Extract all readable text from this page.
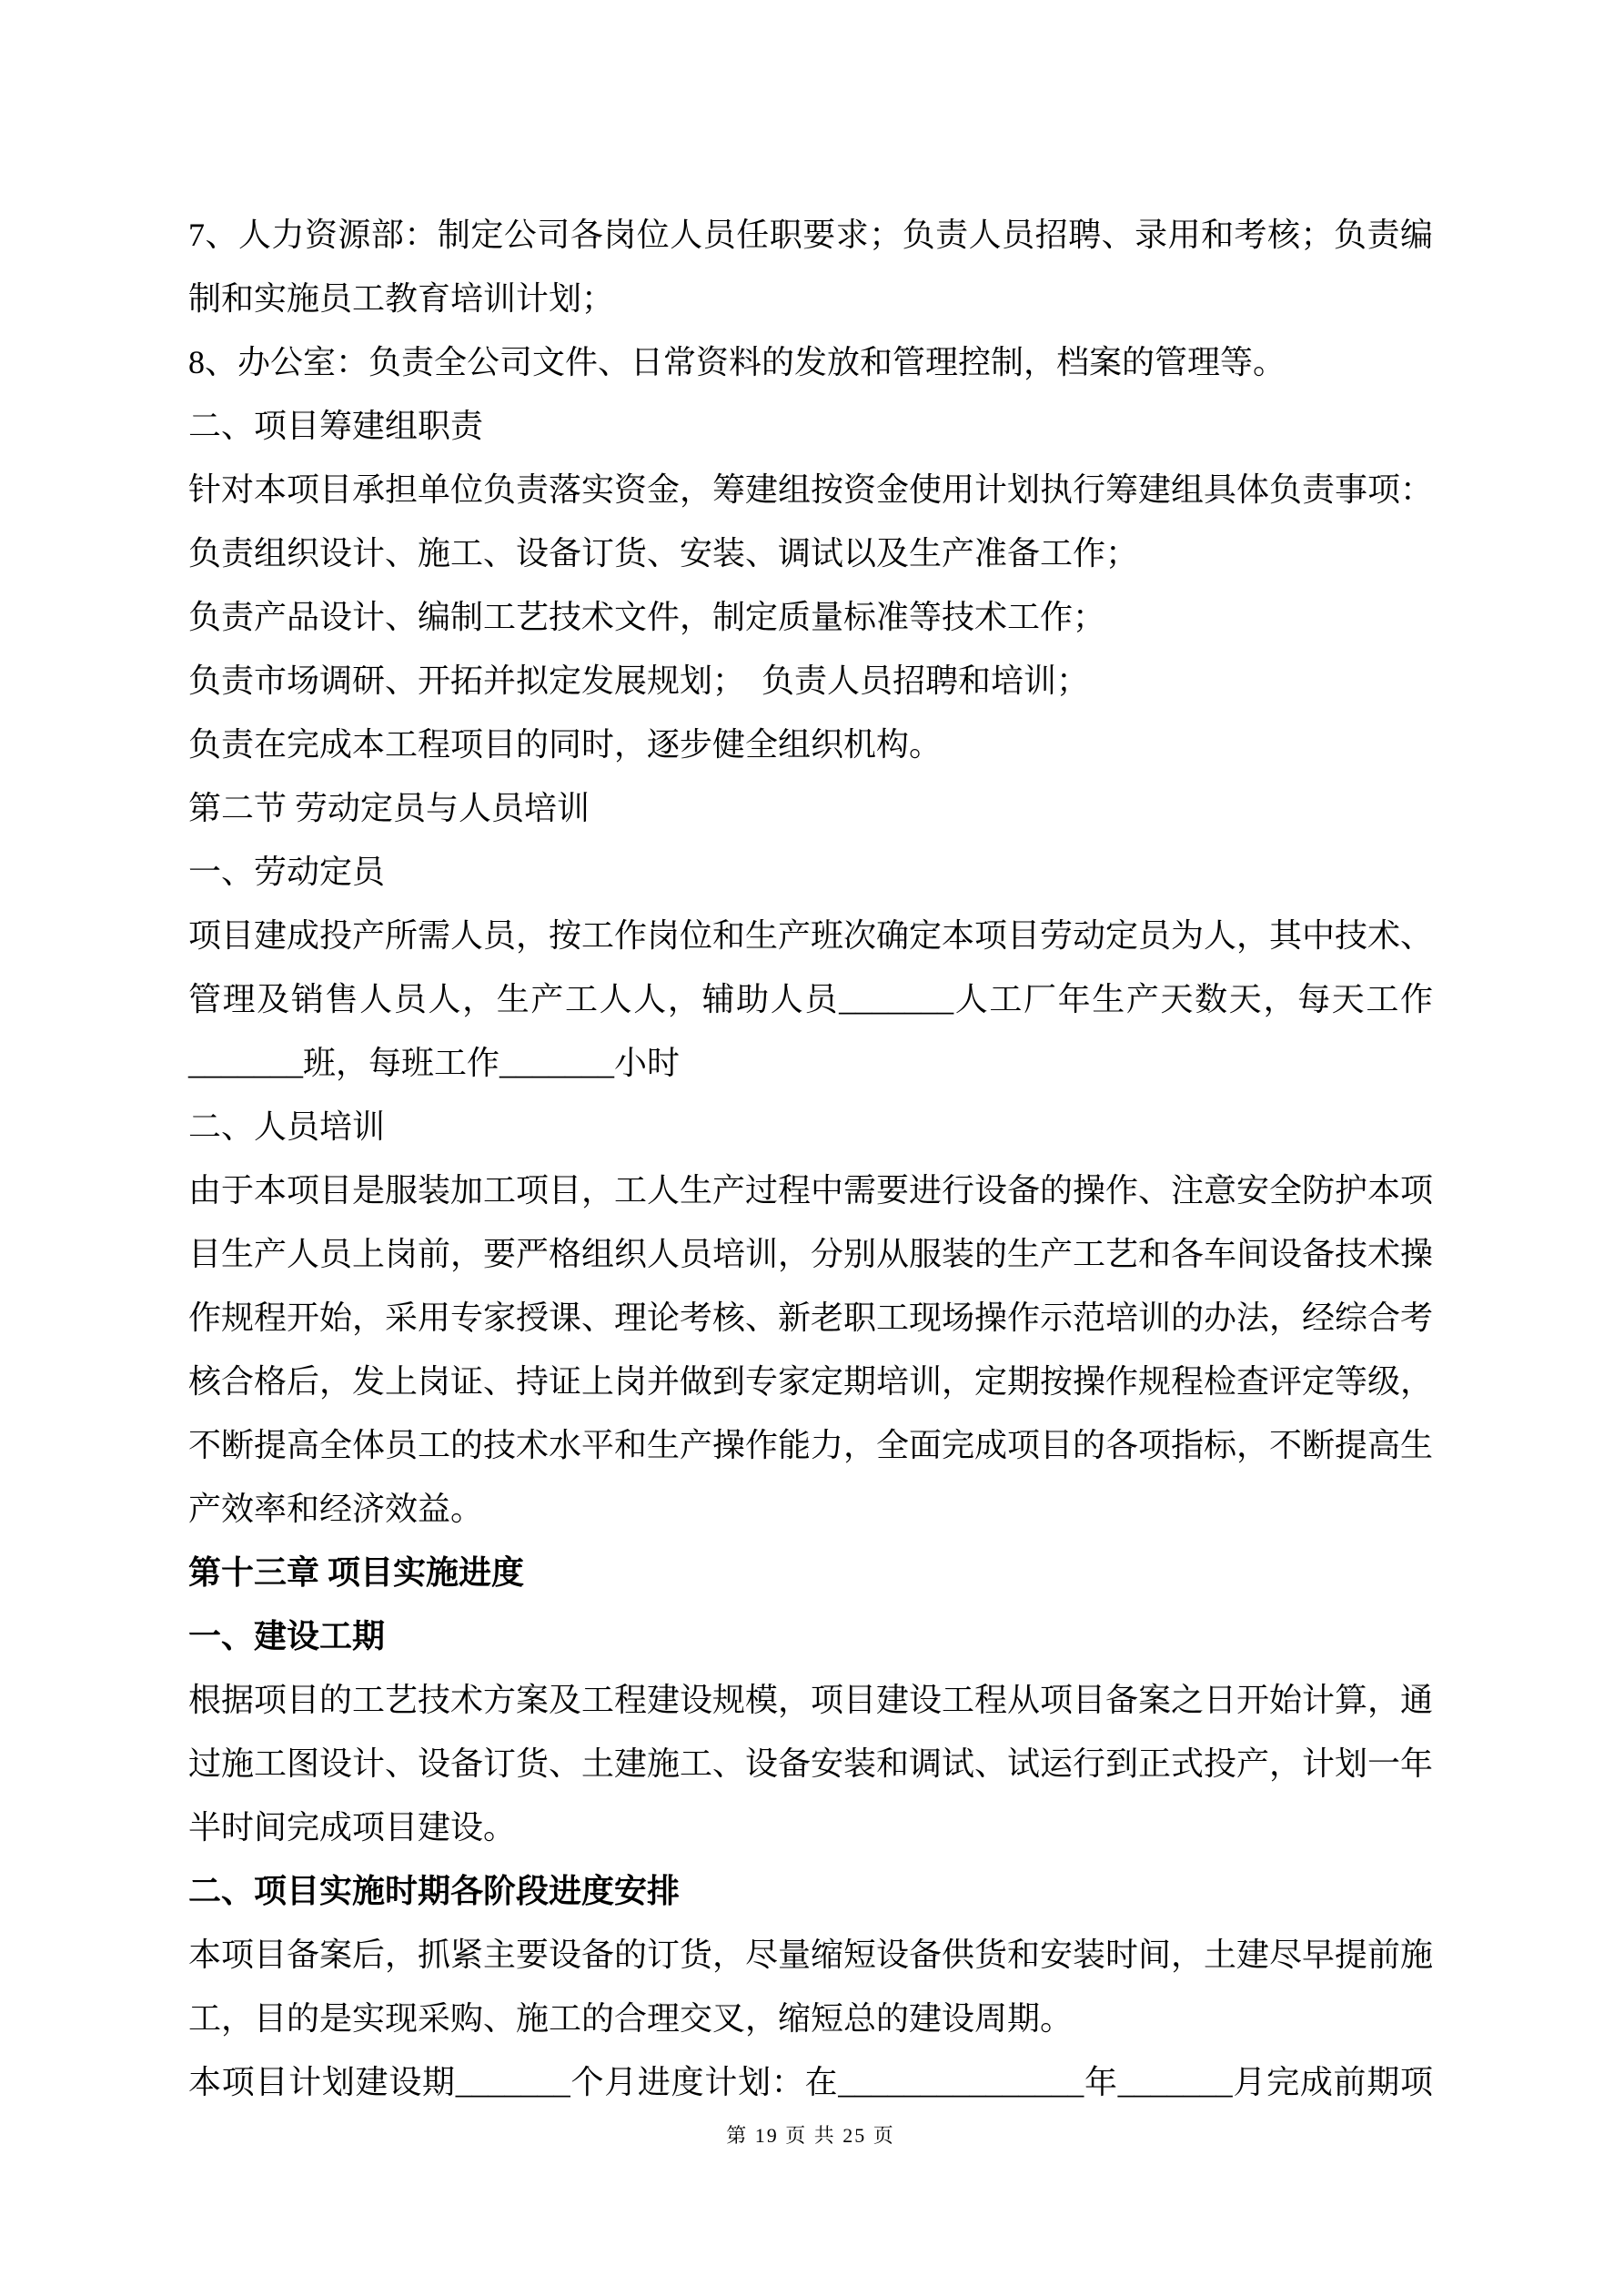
7、人力资源部：制定公司各岗位人员任职要求；负责人员招聘、录用和考核；负责编
制和实施员工教育培训计划；
8、办公室：负责全公司文件、日常资料的发放和管理控制，档案的管理等。
二、项目筹建组职责
针对本项目承担单位负责落实资金，筹建组按资金使用计划执行筹建组具体负责事项：
负责组织设计、施工、设备订货、安装、调试以及生产准备工作；
负责产品设计、编制工艺技术文件，制定质量标准等技术工作；
负责市场调研、开拓并拟定发展规划；　负责人员招聘和培训；
负责在完成本工程项目的同时，逐步健全组织机构。
第二节 劳动定员与人员培训
一、劳动定员
项目建成投产所需人员，按工作岗位和生产班次确定本项目劳动定员为人，其中技术、
管理及销售人员人，生产工人人，辅助人员_______人工厂年生产天数天，每天工作
_______班，每班工作_______小时
二、人员培训
由于本项目是服装加工项目，工人生产过程中需要进行设备的操作、注意安全防护本项
目生产人员上岗前，要严格组织人员培训，分别从服装的生产工艺和各车间设备技术操
作规程开始，采用专家授课、理论考核、新老职工现场操作示范培训的办法，经综合考
核合格后，发上岗证、持证上岗并做到专家定期培训，定期按操作规程检查评定等级，
不断提高全体员工的技术水平和生产操作能力，全面完成项目的各项指标，不断提高生
产效率和经济效益。
第十三章 项目实施进度
一、建设工期
根据项目的工艺技术方案及工程建设规模，项目建设工程从项目备案之日开始计算，通
过施工图设计、设备订货、土建施工、设备安装和调试、试运行到正式投产，计划一年
半时间完成项目建设。
二、项目实施时期各阶段进度安排
本项目备案后，抓紧主要设备的订货，尽量缩短设备供货和安装时间，土建尽早提前施
工，目的是实现采购、施工的合理交叉，缩短总的建设周期。
本项目计划建设期_______个月进度计划：在_______________年_______月完成前期项
第 19 页 共 25 页
